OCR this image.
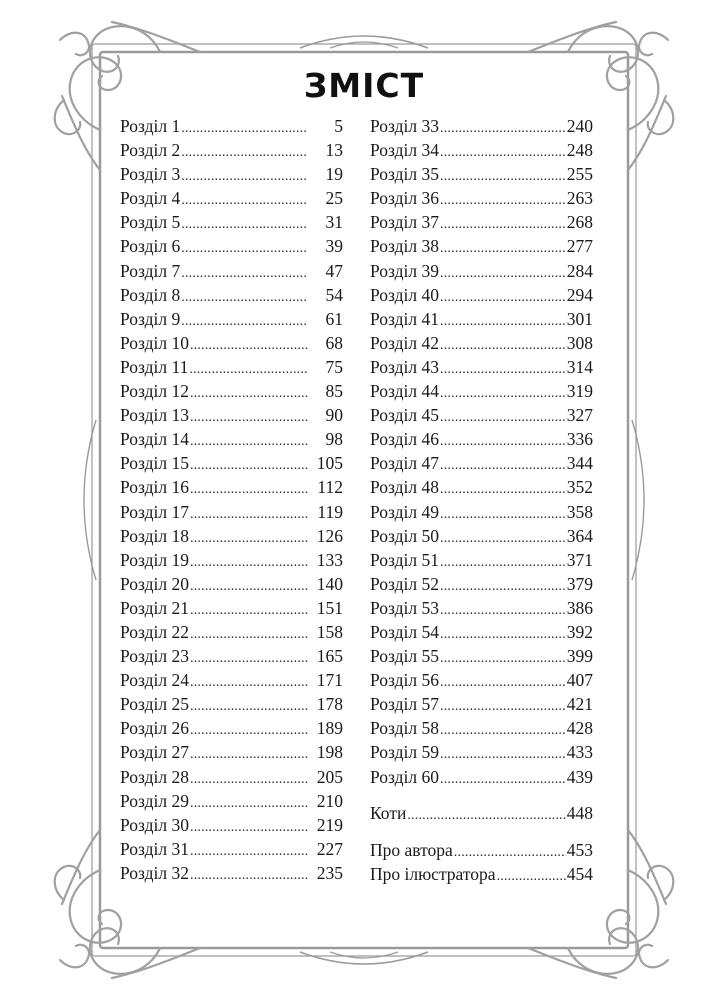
ЗМІСТ
Розділ 1 .....	5
Розділ 2 .....	13
Розділ 3 .....	19
Розділ 4 .....	25
Розділ 5 .....	31
Розділ 6 .....	39
Розділ 7 .....	47
Розділ 8 .....	54
Розділ 9 .....	61
Розділ 10 .....	68
Розділ 11 .....	75
Розділ 12 .....	85
Розділ 13 .....	90
Розділ 14 .....	98
Розділ 15 .....	105
Розділ 16 .....	112
Розділ 17 .....	119
Розділ 18 .....	126
Розділ 19 .....	133
Розділ 20 .....	140
Розділ 21 .....	151
Розділ 22 .....	158
Розділ 23 .....	165
Розділ 24 .....	171
Розділ 25 .....	178
Розділ 26 .....	189
Розділ 27 .....	198
Розділ 28 .....	205
Розділ 29 .....	210
Розділ 30 .....	219
Розділ 31 .....	227
Розділ 32 .....	235
Розділ 33 .....	240
Розділ 34 .....	248
Розділ 35 .....	255
Розділ 36 .....	263
Розділ 37 .....	268
Розділ 38 .....	277
Розділ 39 .....	284
Розділ 40 .....	294
Розділ 41 .....	301
Розділ 42 .....	308
Розділ 43 .....	314
Розділ 44 .....	319
Розділ 45 .....	327
Розділ 46 .....	336
Розділ 47 .....	344
Розділ 48 .....	352
Розділ 49 .....	358
Розділ 50 .....	364
Розділ 51 .....	371
Розділ 52 .....	379
Розділ 53 .....	386
Розділ 54 .....	392
Розділ 55 .....	399
Розділ 56 .....	407
Розділ 57 .....	421
Розділ 58 .....	428
Розділ 59 .....	433
Розділ 60 .....	439
Коти .....	448
Про автора .....	453
Про ілюстратора .....	454
